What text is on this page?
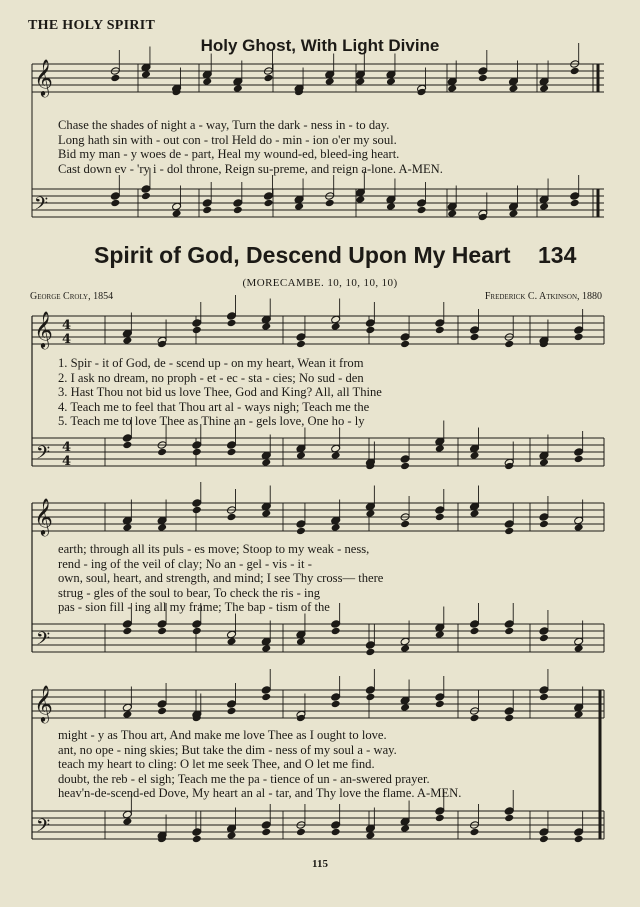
𝄞
𝄢
𝄞
𝄢
4
4
4
4
𝄞
𝄢
𝄞
𝄢
THE HOLY SPIRIT
Holy Ghost, With Light Divine
Chase the shades of night a - way, Turn the dark - ness in - to day.
Long hath sin with - out con - trol Held do - min - ion o'er my soul.
Bid my man - y woes de - part, Heal my wound-ed, bleed-ing heart.
Cast down ev - 'ry i - dol throne, Reign su-preme, and reign a-lone. A-MEN.
Spirit of God, Descend Upon My Heart 134
(MORECAMBE. 10, 10, 10, 10)
George Croly, 1854	Frederick C. Atkinson, 1880
1. Spir - it of God, de - scend up - on my heart, Wean it from
2. I ask no dream, no proph - et - ec - sta - cies; No sud - den
3. Hast Thou not bid us love Thee, God and King? All, all Thine
4. Teach me to feel that Thou art al - ways nigh; Teach me the
5. Teach me to love Thee as Thine an - gels love, One ho - ly
earth; through all its puls - es move; Stoop to my weak - ness,
rend - ing of the veil of clay; No an - gel - vis - it -
own, soul, heart, and strength, and mind; I see Thy cross— there
strug - gles of the soul to bear, To check the ris - ing
pas - sion fill - ing all my frame; The bap - tism of the
might - y as Thou art, And make me love Thee as I ought to love.
ant, no ope - ning skies; But take the dim - ness of my soul a - way.
teach my heart to cling: O let me seek Thee, and O let me find.
doubt, the reb - el sigh; Teach me the pa - tience of un - an-swered prayer.
heav'n-de-scend-ed Dove, My heart an al - tar, and Thy love the flame. A-MEN.
115
